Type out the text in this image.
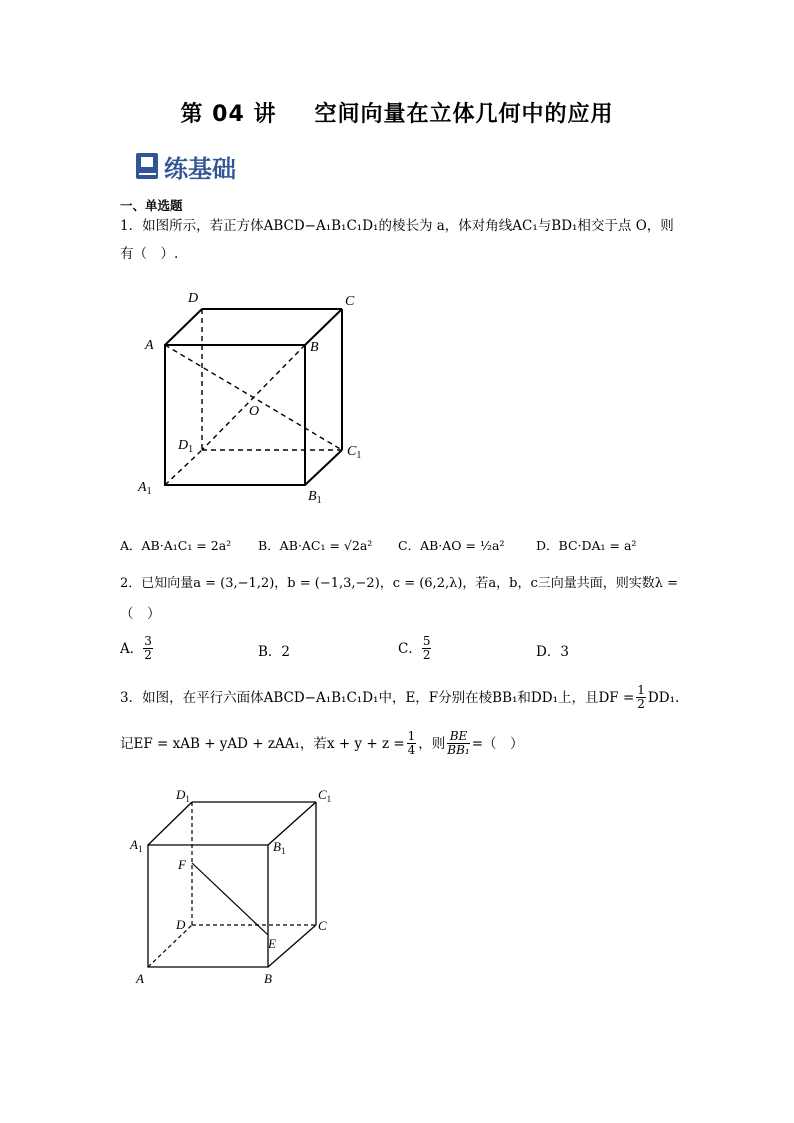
第 04 讲 空间向量在立体几何中的应用
练基础
一、单选题
1．如图所示，若正方体ABCD−A₁B₁C₁D₁的棱长为 a，体对角线AC₁与BD₁相交于点 O，则
有（　）.
D	C
A	B
O
$D_1$	$C_1$
$A_1$	$B_1$
A．AB·A₁C₁ = 2a² B．AB·AC₁ = √2a² C．AB·AO = ½a²	D．BC·DA₁ = a²
2．已知向量a = (3,−1,2)，b = (−1,3,−2)，c = (6,2,λ)，若a，b，c三向量共面，则实数λ =
（　）
A． $\frac{3}{2}$	B．2	C． $\frac{5}{2}$	D．3
3．如图，在平行六面体ABCD−A₁B₁C₁D₁中，E，F分别在棱BB₁和DD₁上，且DF = $\frac{1}{2} DD_1$.
记EF = xAB + yAD + zAA₁，若$x + y + z = \frac{1}{4}$ ，则 $\frac{BE}{\text{BB₁}}$ =（　）
$D_1$	$C_1$
$A_1$	$B_1$
F
D	C
E
A	B
